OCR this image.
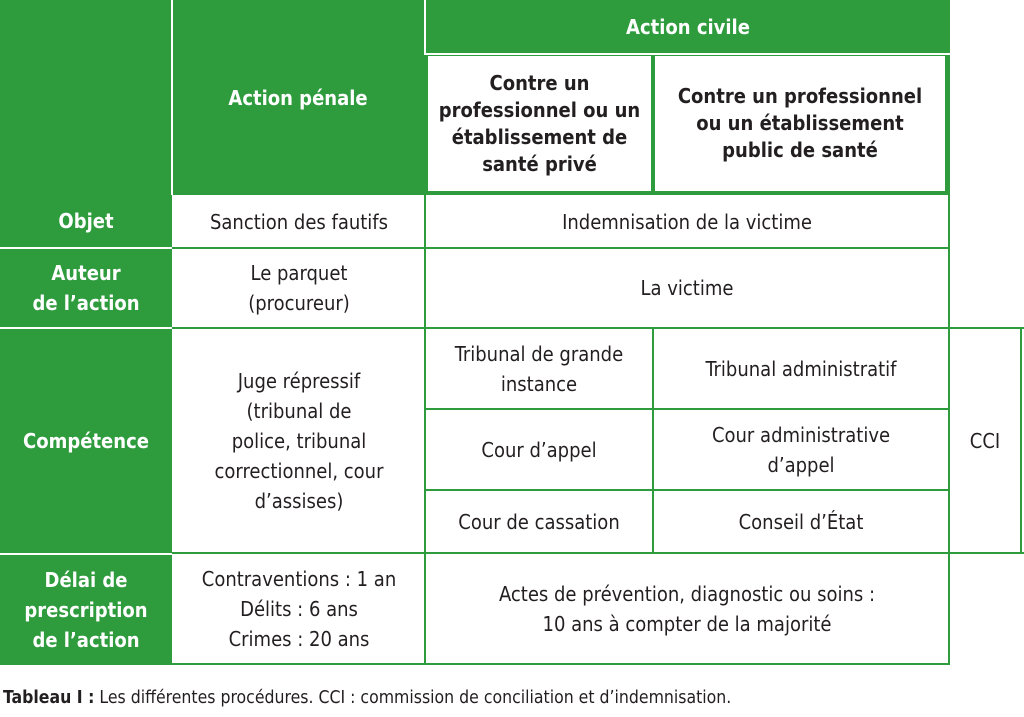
Action pénale
Action civile
Contre un professionnel ou un établissement de santé privé
Contre un professionnel ou un établissement public de santé
Objet
Auteur
de l’action
Compétence
Délai de
prescription
de l’action
Sanction des fautifs	Indemnisation de la victime
Le parquet
(procureur)
La victime
Juge répressif
(tribunal de
police, tribunal
correctionnel, cour
d’assises)
Tribunal de grande
instance
Cour d’appel
Cour de cassation
Tribunal administratif
Cour administrative
d’appel
Conseil d’État
CCI
Contraventions : 1 an
Délits : 6 ans
Crimes : 20 ans
Actes de prévention, diagnostic ou soins :
10 ans à compter de la majorité
Tableau I : Les différentes procédures. CCI : commission de conciliation et d’indemnisation.
